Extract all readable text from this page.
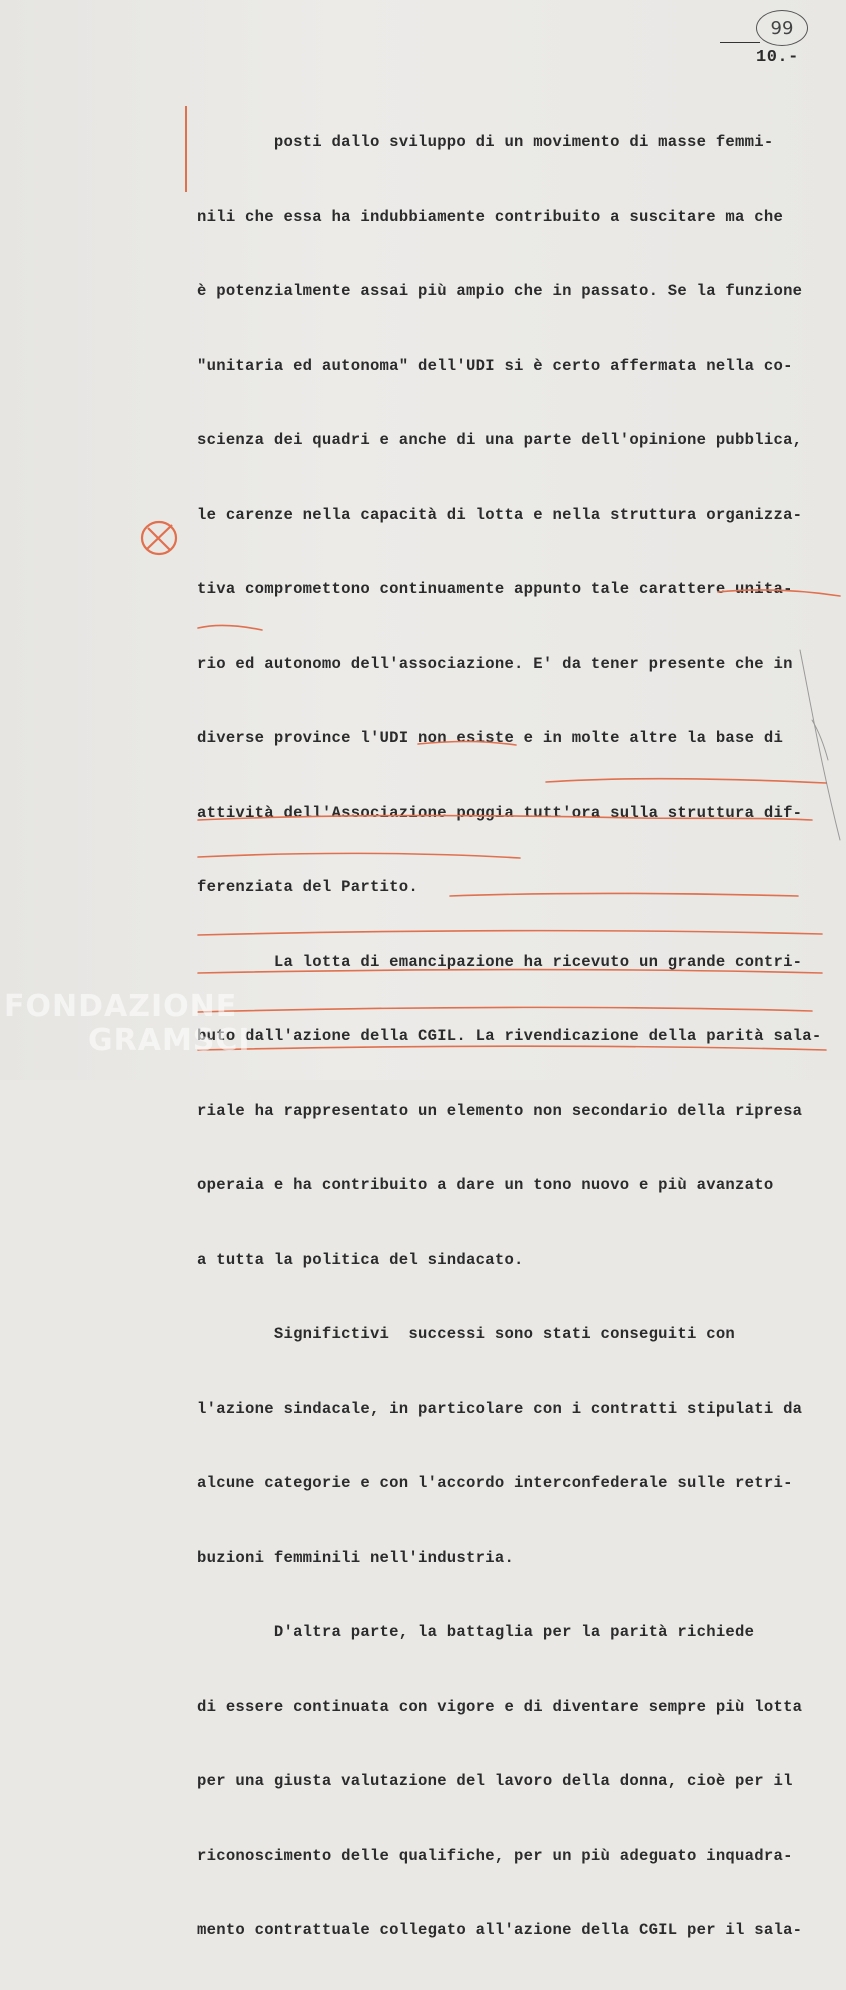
99
10.-

posti dallo sviluppo di un movimento di masse femmi-

nili che essa ha indubbiamente contribuito a suscitare ma che

è potenzialmente assai più ampio che in passato. Se la funzione

"unitaria ed autonoma" dell'UDI si è certo affermata nella co-

scienza dei quadri e anche di una parte dell'opinione pubblica,

le carenze nella capacità di lotta e nella struttura organizza-

tiva compromettono continuamente appunto tale carattere unita-

rio ed autonomo dell'associazione. E' da tener presente che in

diverse province l'UDI non esiste e in molte altre la base di

attività dell'Associazione poggia tutt'ora sulla struttura dif-

ferenziata del Partito.

La lotta di emancipazione ha ricevuto un grande contri-

buto dall'azione della CGIL. La rivendicazione della parità sala-

riale ha rappresentato un elemento non secondario della ripresa

operaia e ha contribuito a dare un tono nuovo e più avanzato

a tutta la politica del sindacato.

Significtivi  successi sono stati conseguiti con

l'azione sindacale, in particolare con i contratti stipulati da

alcune categorie e con l'accordo interconfederale sulle retri-

buzioni femminili nell'industria.

D'altra parte, la battaglia per la parità richiede

di essere continuata con vigore e di diventare sempre più lotta

per una giusta valutazione del lavoro della donna, cioè per il

riconoscimento delle qualifiche, per un più adeguato inquadra-

mento contrattuale collegato all'azione della CGIL per il sala-

FONDAZIONE
GRAMSCI
